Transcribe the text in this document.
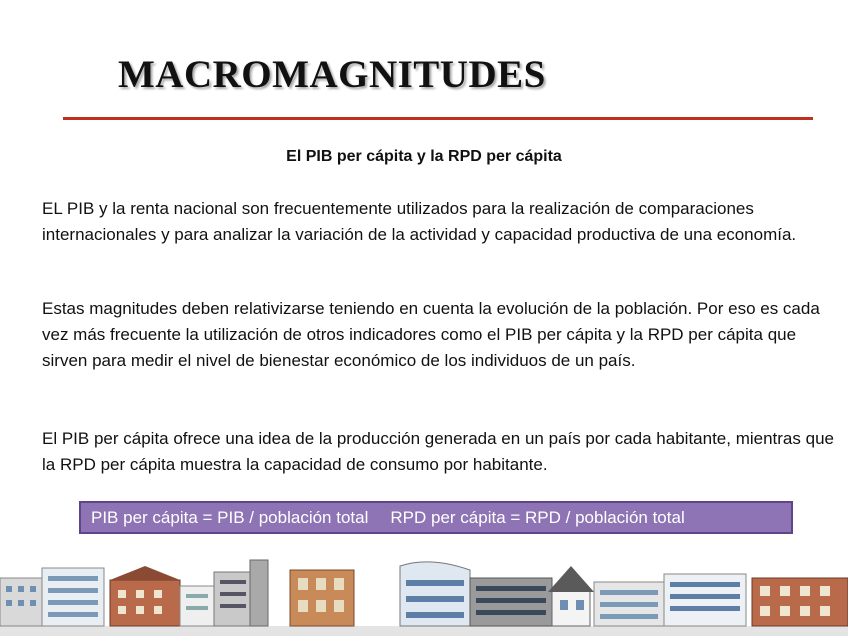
MACROMAGNITUDES
El PIB per cápita y la RPD per cápita

EL PIB y la renta nacional son frecuentemente utilizados para la realización de comparaciones internacionales y para analizar la variación de la actividad y capacidad productiva de una economía.

Estas magnitudes deben relativizarse teniendo en cuenta la evolución de la población. Por eso es cada vez más frecuente la utilización de otros indicadores como el PIB per cápita y la RPD per cápita que sirven para medir el nivel de bienestar económico de los individuos de un país.

El PIB per cápita ofrece una idea de la producción generada en un país por cada habitante, mientras que la RPD per cápita muestra la capacidad de consumo por habitante.

PIB per cápita = PIB / población total RPD per cápita = RPD / población total
